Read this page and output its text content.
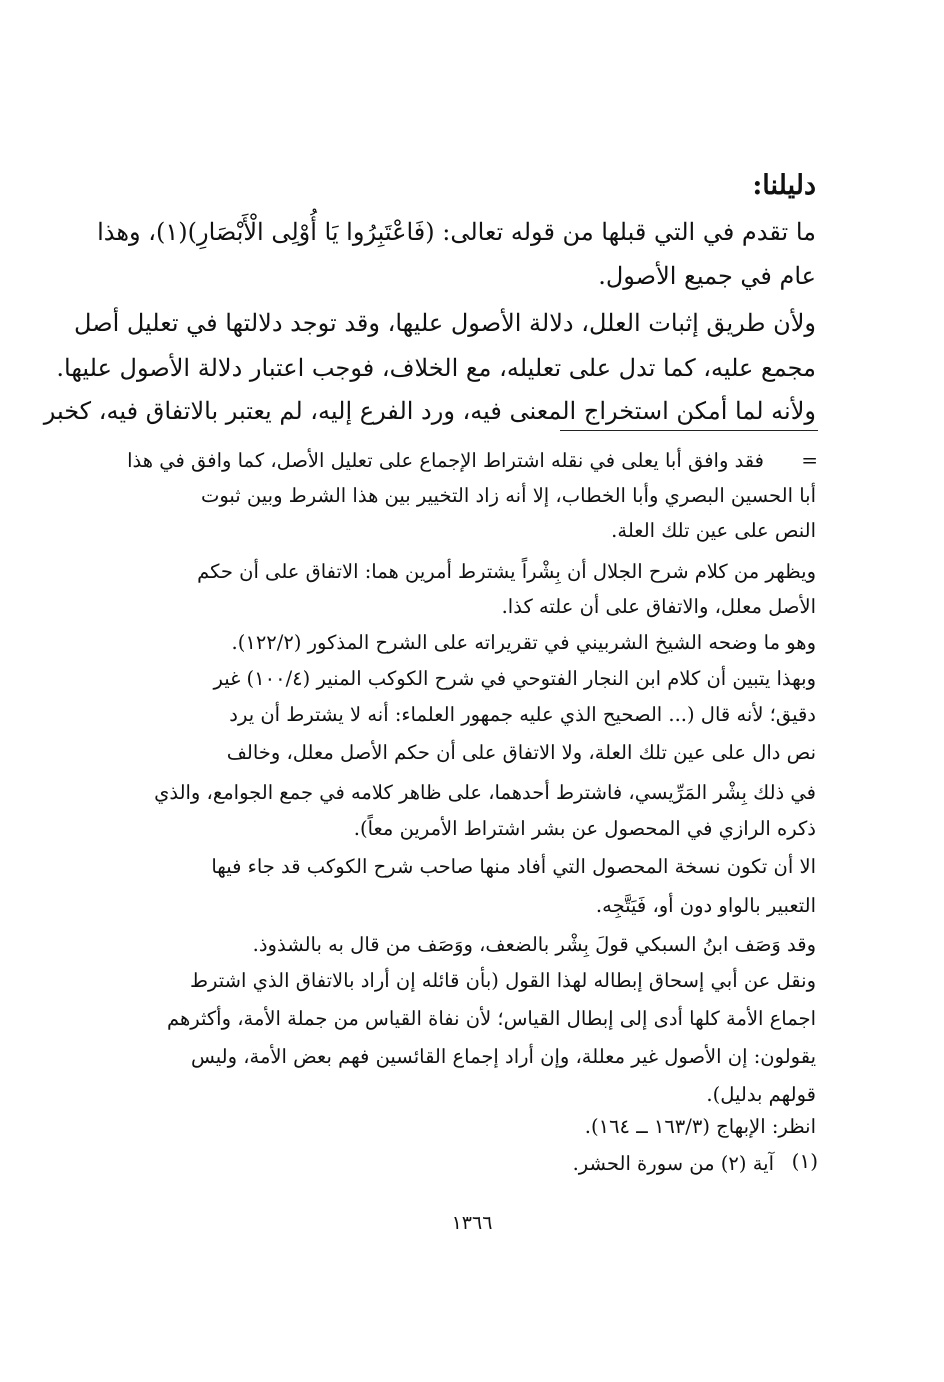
دليلنا:
ما تقدم في التي قبلها من قوله تعالى: (فَاعْتَبِرُوا يَا أُوْلِى الْأَبْصَارِ)(١)، وهذا
عام في جميع الأصول.
ولأن طريق إثبات العلل، دلالة الأصول عليها، وقد توجد دلالتها في تعليل أصل
مجمع عليه، كما تدل على تعليله، مع الخلاف، فوجب اعتبار دلالة الأصول عليها.
ولأنه لما أمكن استخراج المعنى فيه، ورد الفرع إليه، لم يعتبر بالاتفاق فيه، كخبر
=
فقد وافق أبا يعلى في نقله اشتراط الإجماع على تعليل الأصل، كما وافق في هذا
أبا الحسين البصري وأبا الخطاب، إلا أنه زاد التخيير بين هذا الشرط وبين ثبوت
النص على عين تلك العلة.
ويظهر من كلام شرح الجلال أن بِشْراً يشترط أمرين هما: الاتفاق على أن حكم
الأصل معلل، والاتفاق على أن علته كذا.
وهو ما وضحه الشيخ الشربيني في تقريراته على الشرح المذكور (١٢٢/٢).
وبهذا يتبين أن كلام ابن النجار الفتوحي في شرح الكوكب المنير (١٠٠/٤) غير
دقيق؛ لأنه قال (... الصحيح الذي عليه جمهور العلماء: أنه لا يشترط أن يرد
نص دال على عين تلك العلة، ولا الاتفاق على أن حكم الأصل معلل، وخالف
في ذلك بِشْر المَرِّيسي، فاشترط أحدهما، على ظاهر كلامه في جمع الجوامع، والذي
ذكره الرازي في المحصول عن بشر اشتراط الأمرين معاً).
الا أن تكون نسخة المحصول التي أفاد منها صاحب شرح الكوكب قد جاء فيها
التعبير بالواو دون أو، فَيَتَّجِه.
وقد وَصَف ابنُ السبكي قولَ بِشْر بالضعف، ووَصَف من قال به بالشذوذ.
ونقل عن أبي إسحاق إبطاله لهذا القول (بأن قائله إن أراد بالاتفاق الذي اشترط
اجماع الأمة كلها أدى إلى إبطال القياس؛ لأن نفاة القياس من جملة الأمة، وأكثرهم
يقولون: إن الأصول غير معللة، وإن أراد إجماع القائسين فهم بعض الأمة، وليس
قولهم بدليل).
انظر: الإبهاج (١٦٣/٣ ــ ١٦٤).
(١)
آية (٢) من سورة الحشر.
١٣٦٦
